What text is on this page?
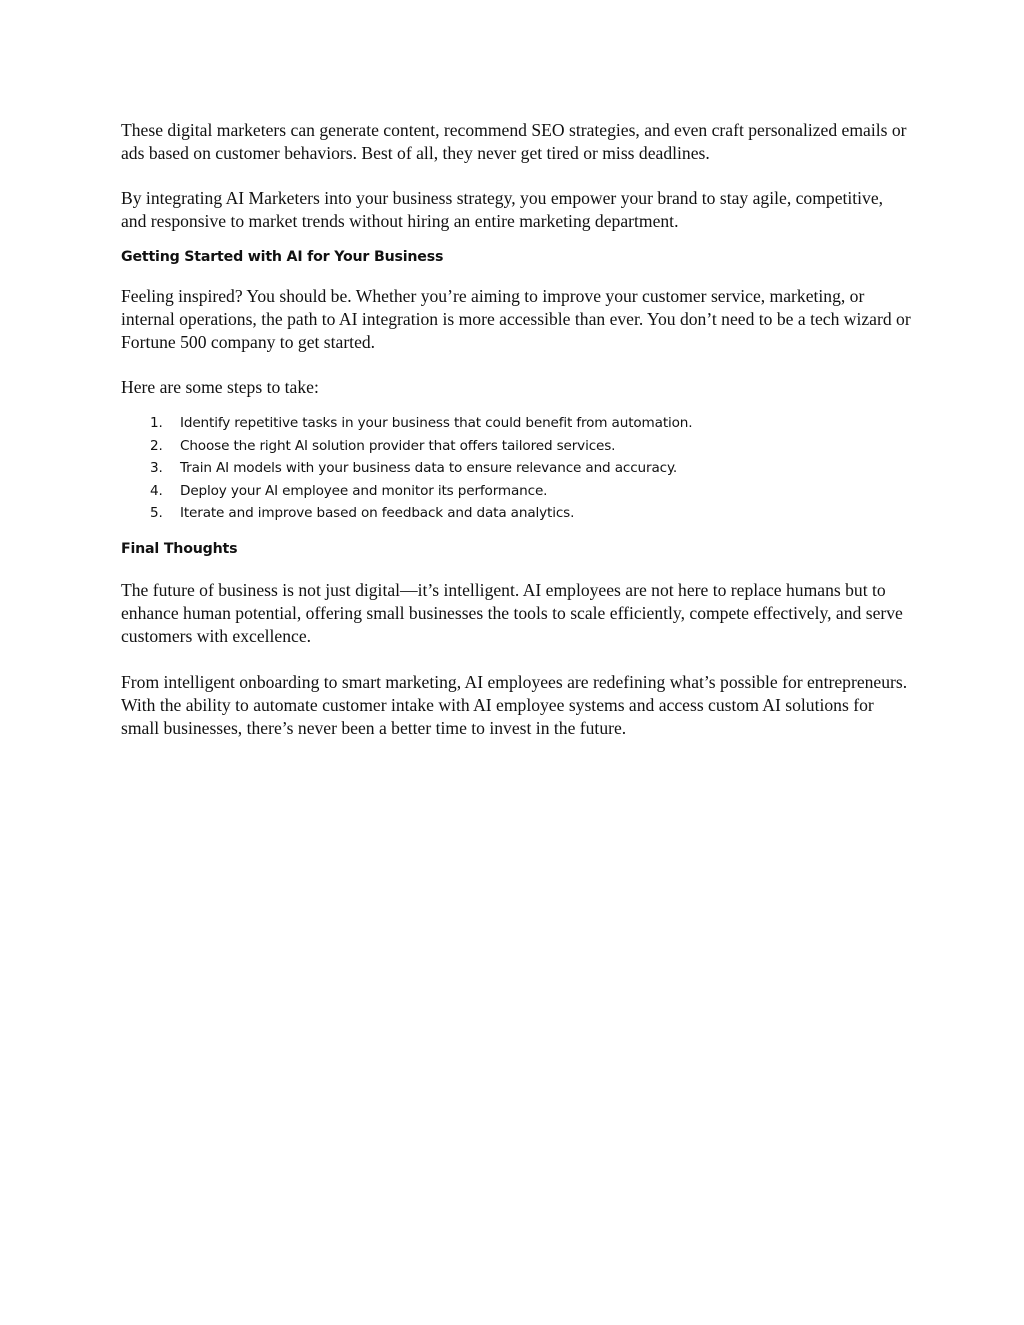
These digital marketers can generate content, recommend SEO strategies, and even craft personalized emails or ads based on customer behaviors. Best of all, they never get tired or miss deadlines.

By integrating AI Marketers into your business strategy, you empower your brand to stay agile, competitive, and responsive to market trends without hiring an entire marketing department.

Getting Started with AI for Your Business

Feeling inspired? You should be. Whether you’re aiming to improve your customer service, marketing, or internal operations, the path to AI integration is more accessible than ever. You don’t need to be a tech wizard or Fortune 500 company to get started.

Here are some steps to take:

1.	Identify repetitive tasks in your business that could benefit from automation.
2.	Choose the right AI solution provider that offers tailored services.
3.	Train AI models with your business data to ensure relevance and accuracy.
4.	Deploy your AI employee and monitor its performance.
5.	Iterate and improve based on feedback and data analytics.
Final Thoughts

The future of business is not just digital—it’s intelligent. AI employees are not here to replace humans but to enhance human potential, offering small businesses the tools to scale efficiently, compete effectively, and serve customers with excellence.

From intelligent onboarding to smart marketing, AI employees are redefining what’s possible for entrepreneurs. With the ability to automate customer intake with AI employee systems and access custom AI solutions for small businesses, there’s never been a better time to invest in the future.
